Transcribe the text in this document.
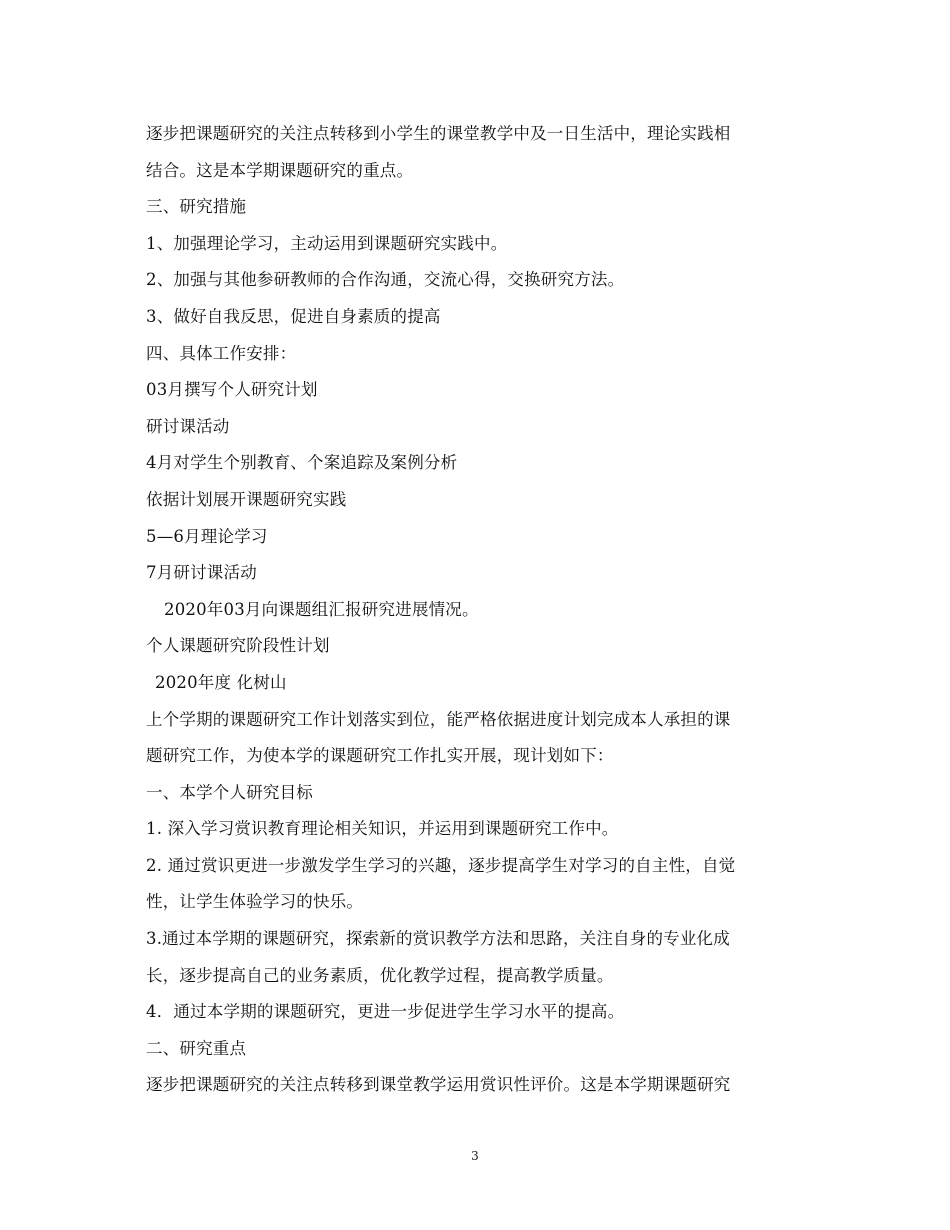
逐步把课题研究的关注点转移到小学生的课堂教学中及一日生活中，理论实践相
结合。这是本学期课题研究的重点。
三、研究措施
1、加强理论学习，主动运用到课题研究实践中。
2、加强与其他参研教师的合作沟通，交流心得，交换研究方法。
3、做好自我反思，促进自身素质的提高
四、具体工作安排：
03月撰写个人研究计划
研讨课活动
4月对学生个别教育、个案追踪及案例分析
依据计划展开课题研究实践
5—6月理论学习
7月研讨课活动
2020年03月向课题组汇报研究进展情况。
个人课题研究阶段性计划
2020年度 化树山
上个学期的课题研究工作计划落实到位，能严格依据进度计划完成本人承担的课
题研究工作，为使本学的课题研究工作扎实开展，现计划如下：
一、本学个人研究目标
1. 深入学习赏识教育理论相关知识，并运用到课题研究工作中。
2. 通过赏识更进一步激发学生学习的兴趣，逐步提高学生对学习的自主性，自觉
性，让学生体验学习的快乐。
3.通过本学期的课题研究，探索新的赏识教学方法和思路，关注自身的专业化成
长，逐步提高自己的业务素质，优化教学过程，提高教学质量。
4．通过本学期的课题研究，更进一步促进学生学习水平的提高。
二、研究重点
逐步把课题研究的关注点转移到课堂教学运用赏识性评价。这是本学期课题研究
3
